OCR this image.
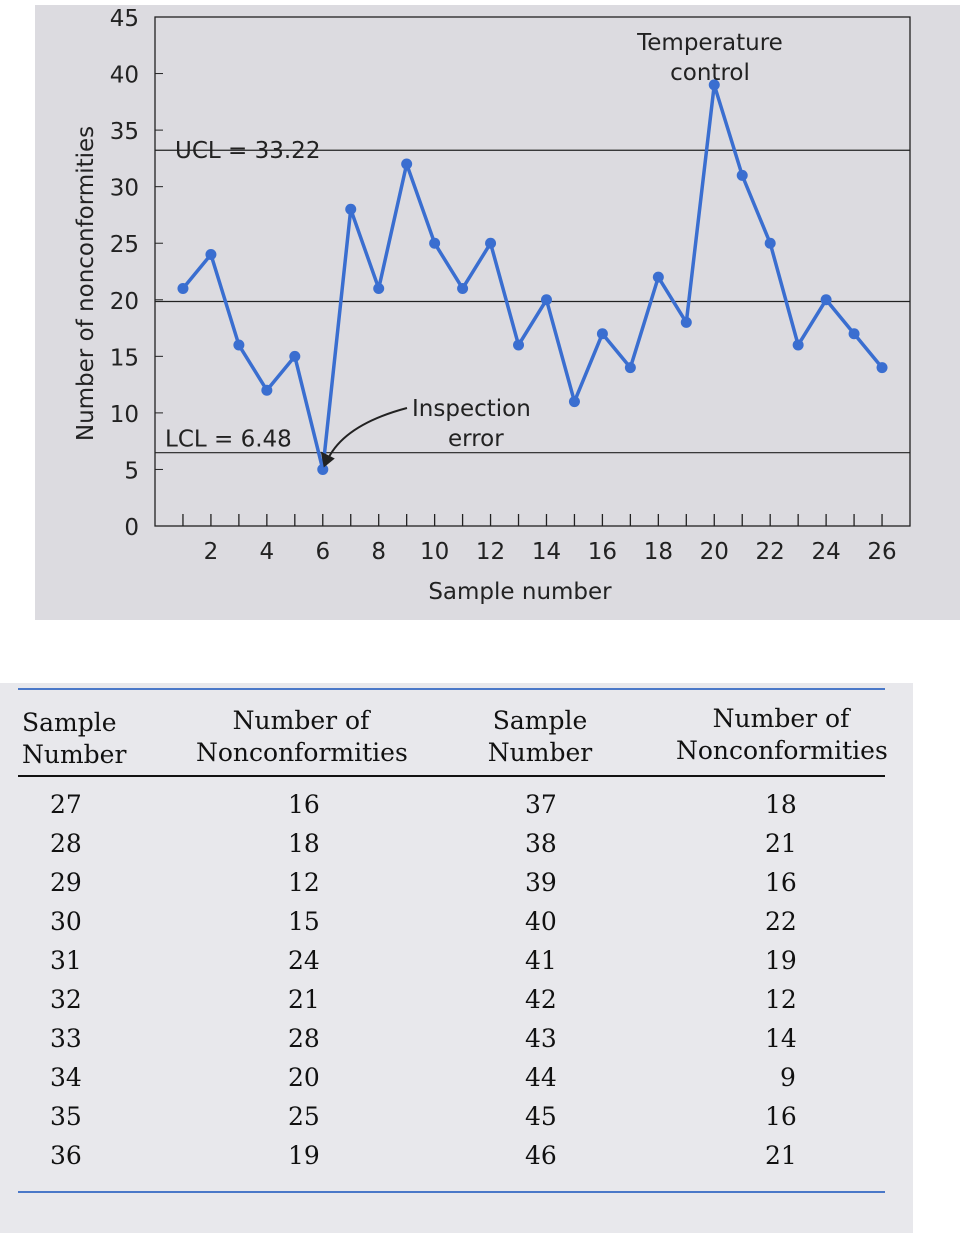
0
5
10
15
20
25
30
35
40
45
2 4 6 8 10 12 14 16 18 20 22 24 26
UCL = 33.22
LCL = 6.48
Sample number
Number of nonconformities
Temperature
control
Inspection
error
Sample
Number
Number of
Nonconformities
Sample
Number
Number of
Nonconformities
27	16	37	18
28	18	38	21
29	12	39	16
30	15	40	22
31	24	41	19
32	21	42	12
33	28	43	14
34	20	44	9
35	25	45	16
36	19	46	21
